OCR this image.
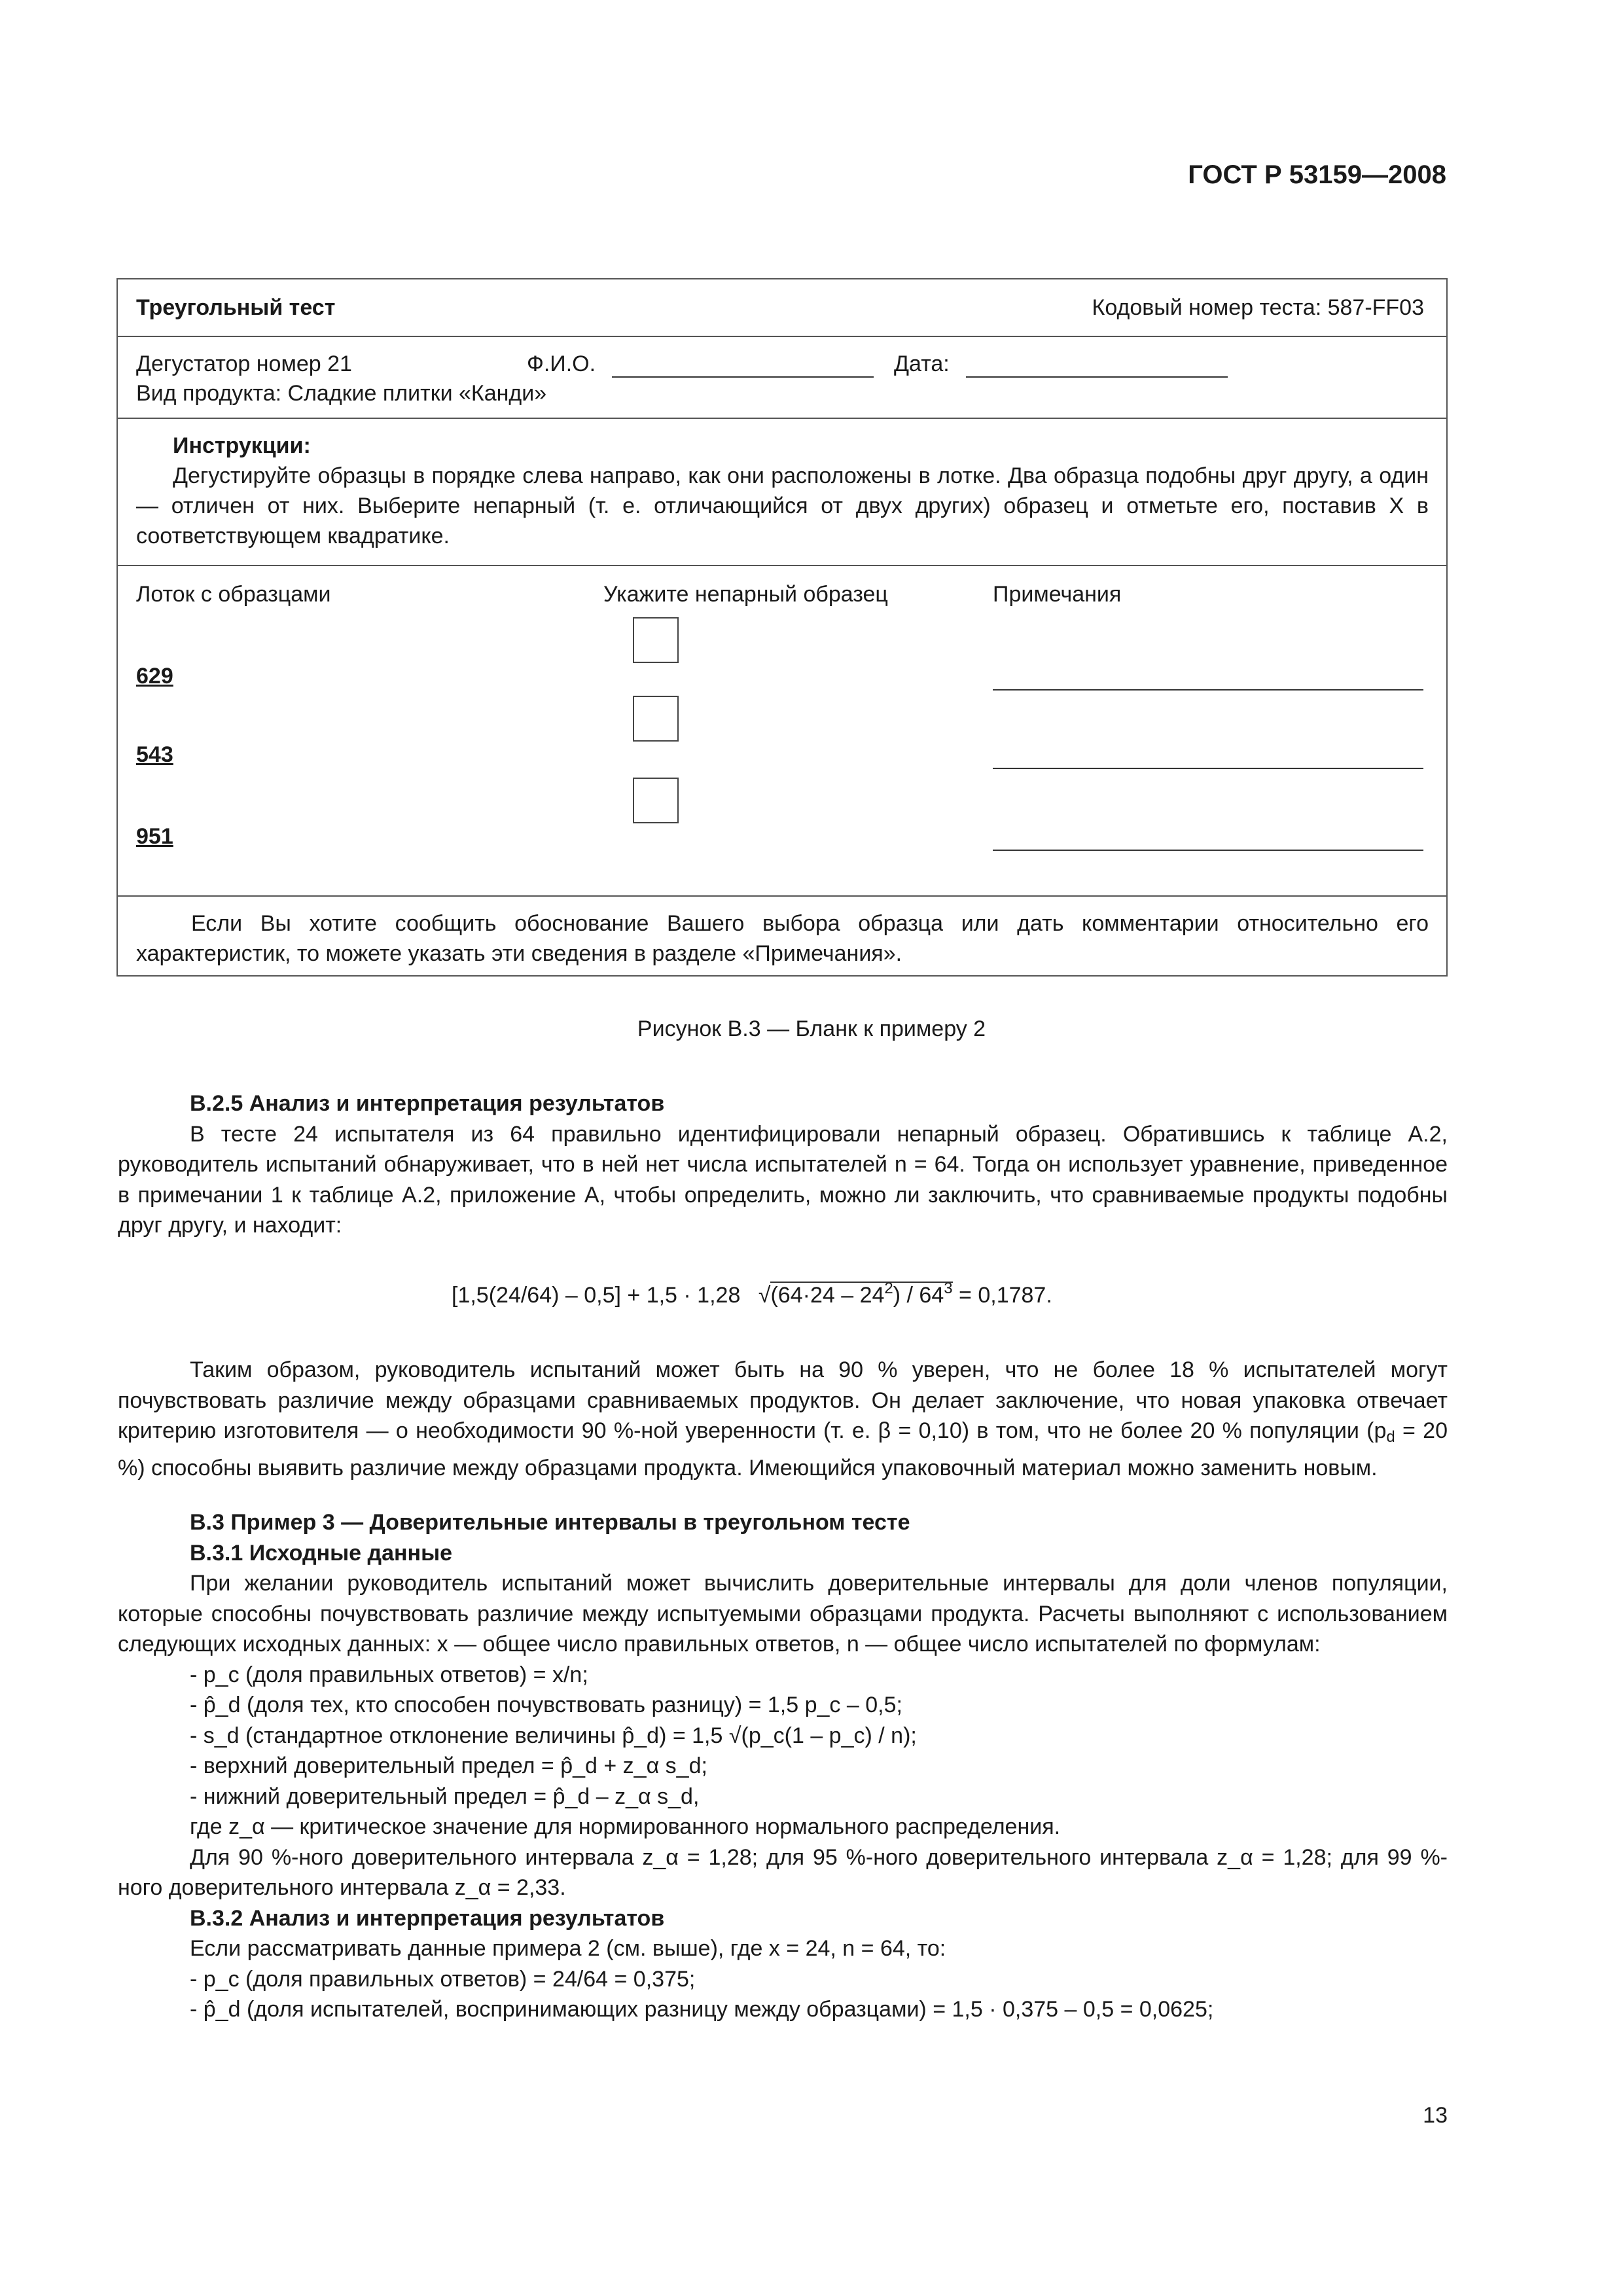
ГОСТ Р 53159—2008
Треугольный тест	Кодовый номер теста: 587-FF03
Дегустатор номер 21	Ф.И.О.	Дата:
Вид продукта: Сладкие плитки «Канди»
Инструкции:
Дегустируйте образцы в порядке слева направо, как они расположены в лотке. Два образца подобны друг другу, а один — отличен от них. Выберите непарный (т. е. отличающийся от двух других) образец и отметьте его, поставив X в соответствующем квадратике.
Лоток с образцами	Укажите непарный образец	Примечания
629
543
951
Если Вы хотите сообщить обоснование Вашего выбора образца или дать комментарии относительно его характеристик, то можете указать эти сведения в разделе «Примечания».
Рисунок В.3 — Бланк к примеру 2
В.2.5 Анализ и интерпретация результатов
В тесте 24 испытателя из 64 правильно идентифицировали непарный образец. Обратившись к таблице А.2, руководитель испытаний обнаруживает, что в ней нет числа испытателей n = 64. Тогда он использует уравнение, приведенное в примечании 1 к таблице А.2, приложение А, чтобы определить, можно ли заключить, что сравниваемые продукты подобны друг другу, и находит:
[1,5(24/64) – 0,5] + 1,5 · 1,28 $√(64\cdot 24 - 24^2) / 64^3 = 0,1787$.
Таким образом, руководитель испытаний может быть на 90 % уверен, что не более 18 % испытателей могут почувствовать различие между образцами сравниваемых продуктов. Он делает заключение, что новая упаковка отвечает критерию изготовителя — о необходимости 90 %-ной уверенности (т. е. β = 0,10) в том, что не более 20 % популяции ($p_d = 20$ %) способны выявить различие между образцами продукта. Имеющийся упаковочный материал можно заменить новым.
В.3 Пример 3 — Доверительные интервалы в треугольном тесте
В.3.1 Исходные данные
При желании руководитель испытаний может вычислить доверительные интервалы для доли членов популяции, которые способны почувствовать различие между испытуемыми образцами продукта. Расчеты выполняют с использованием следующих исходных данных: x — общее число правильных ответов, n — общее число испытателей по формулам:
- p_c (доля правильных ответов) = x/n;
- p̂_d (доля тех, кто способен почувствовать разницу) = 1,5 p_c – 0,5;
- s_d (стандартное отклонение величины p̂_d) = 1,5 √(p_c(1 – p_c) / n);
- верхний доверительный предел = p̂_d + z_α s_d;
- нижний доверительный предел = p̂_d – z_α s_d,
где z_α — критическое значение для нормированного нормального распределения.
Для 90 %-ного доверительного интервала z_α = 1,28; для 95 %-ного доверительного интервала z_α = 1,28; для 99 %-ного доверительного интервала z_α = 2,33.
В.3.2 Анализ и интерпретация результатов
Если рассматривать данные примера 2 (см. выше), где x = 24, n = 64, то:
- p_c (доля правильных ответов) = 24/64 = 0,375;
- p̂_d (доля испытателей, воспринимающих разницу между образцами) = 1,5 · 0,375 – 0,5 = 0,0625;
13
